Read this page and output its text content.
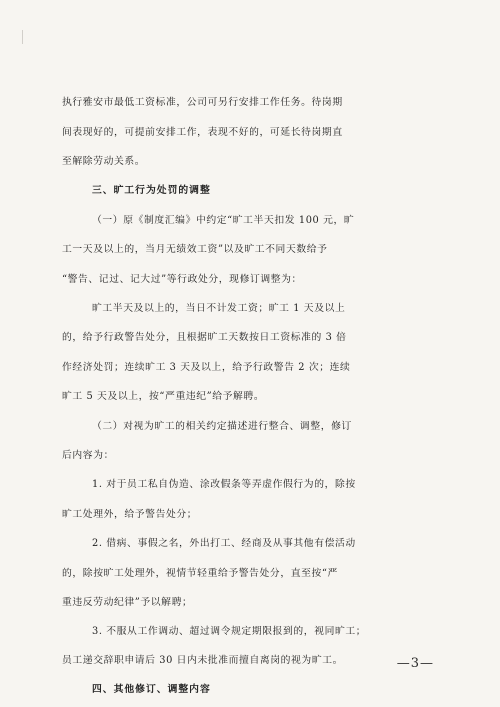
执行雅安市最低工资标准，公司可另行安排工作任务。待岗期
间表现好的，可提前安排工作，表现不好的，可延长待岗期直
至解除劳动关系。
三、旷工行为处罚的调整
（一）原《制度汇编》中约定“旷工半天扣发 100 元，旷
工一天及以上的，当月无绩效工资”以及旷工不同天数给予
“警告、记过、记大过”等行政处分，现修订调整为：
旷工半天及以上的，当日不计发工资；旷工 1 天及以上
的，给予行政警告处分，且根据旷工天数按日工资标准的 3 倍
作经济处罚；连续旷工 3 天及以上，给予行政警告 2 次；连续
旷工 5 天及以上，按“严重违纪”给予解聘。
（二）对视为旷工的相关约定描述进行整合、调整，修订
后内容为：
1. 对于员工私自伪造、涂改假条等弄虚作假行为的，除按
旷工处理外，给予警告处分；
2. 借病、事假之名，外出打工、经商及从事其他有偿活动
的，除按旷工处理外，视情节轻重给予警告处分，直至按“严
重违反劳动纪律”予以解聘；
3. 不服从工作调动、超过调令规定期限报到的，视同旷工；
员工递交辞职申请后 30 日内未批准而擅自离岗的视为旷工。
四、其他修订、调整内容
—3—
